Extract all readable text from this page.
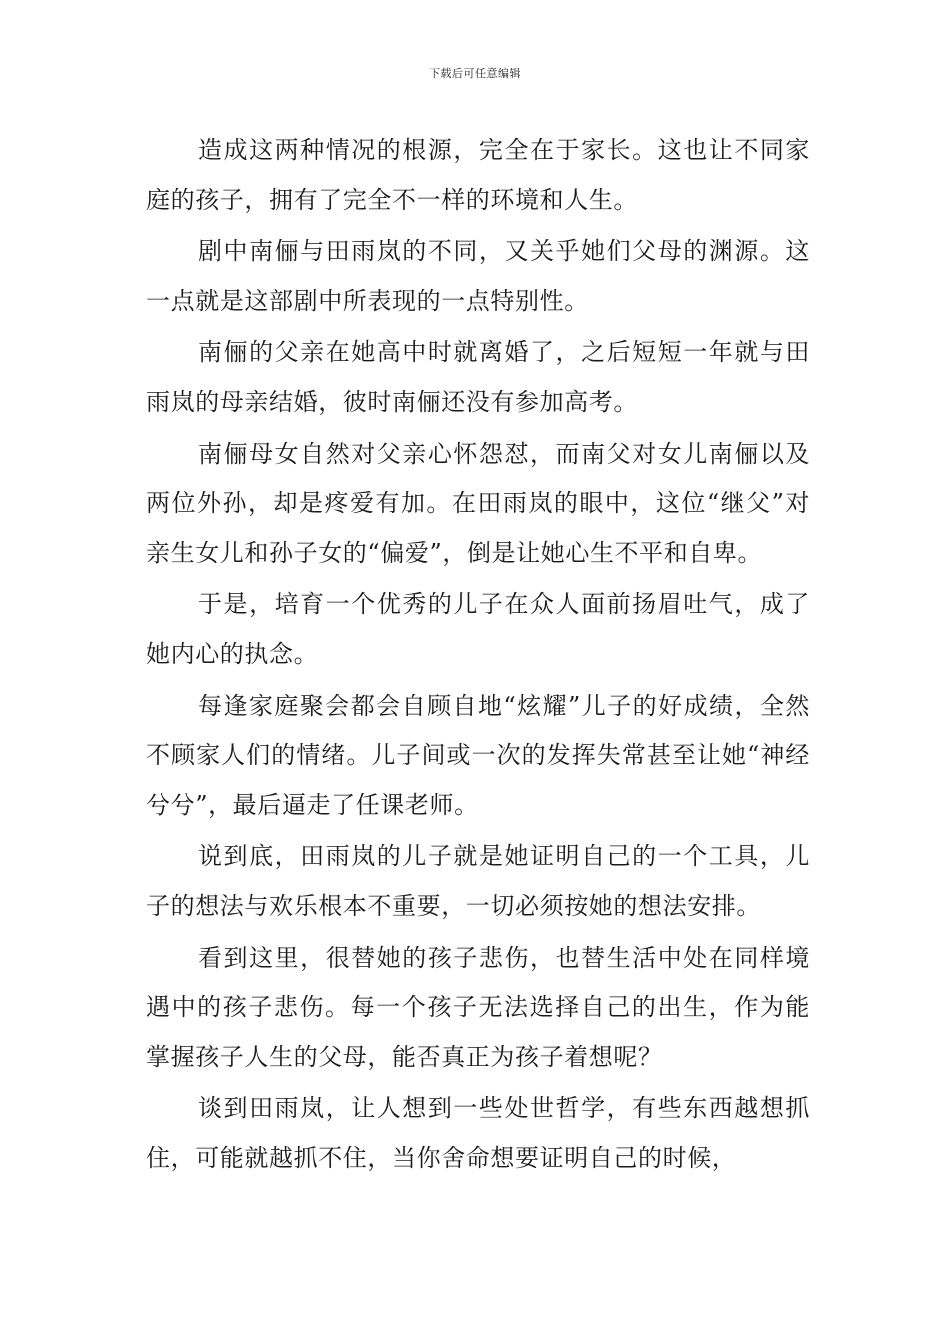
下载后可任意编辑

造成这两种情况的根源，完全在于家长。这也让不同家庭的孩子，拥有了完全不一样的环境和人生。

剧中南俪与田雨岚的不同，又关乎她们父母的渊源。这一点就是这部剧中所表现的一点特别性。

南俪的父亲在她高中时就离婚了，之后短短一年就与田雨岚的母亲结婚，彼时南俪还没有参加高考。

南俪母女自然对父亲心怀怨怼，而南父对女儿南俪以及两位外孙，却是疼爱有加。在田雨岚的眼中，这位“继父”对亲生女儿和孙子女的“偏爱”，倒是让她心生不平和自卑。

于是，培育一个优秀的儿子在众人面前扬眉吐气，成了她内心的执念。

每逢家庭聚会都会自顾自地“炫耀”儿子的好成绩，全然不顾家人们的情绪。儿子间或一次的发挥失常甚至让她“神经兮兮”，最后逼走了任课老师。

说到底，田雨岚的儿子就是她证明自己的一个工具，儿子的想法与欢乐根本不重要，一切必须按她的想法安排。

看到这里，很替她的孩子悲伤，也替生活中处在同样境遇中的孩子悲伤。每一个孩子无法选择自己的出生，作为能掌握孩子人生的父母，能否真正为孩子着想呢？

谈到田雨岚，让人想到一些处世哲学，有些东西越想抓住，可能就越抓不住，当你舍命想要证明自己的时候，
